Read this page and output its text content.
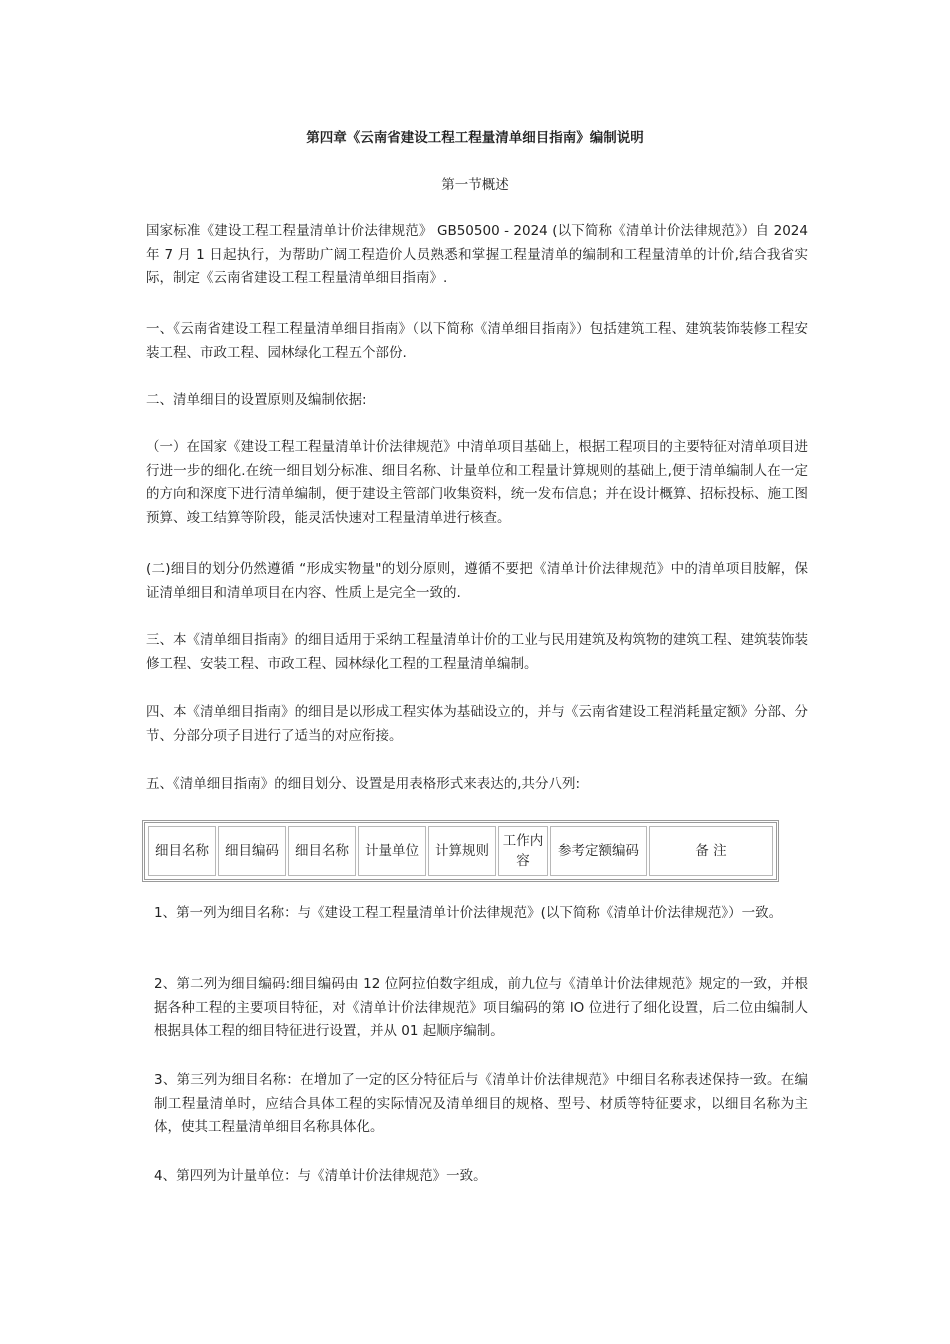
第四章《云南省建设工程工程量清单细目指南》编制说明
第一节概述

国家标准《建设工程工程量清单计价法律规范》 GB50500 - 2024 (以下简称《清单计价法律规范》）自 2024 年 7 月 1 日起执行，为帮助广阔工程造价人员熟悉和掌握工程量清单的编制和工程量清单的计价,结合我省实际，制定《云南省建设工程工程量清单细目指南》.

一、《云南省建设工程工程量清单细目指南》（以下简称《清单细目指南》）包括建筑工程、建筑装饰装修工程安装工程、市政工程、园林绿化工程五个部份.

二、清单细目的设置原则及编制依据:

（一）在国家《建设工程工程量清单计价法律规范》中清单项目基础上，根据工程项目的主要特征对清单项目进行进一步的细化.在统一细目划分标准、细目名称、计量单位和工程量计算规则的基础上,便于清单编制人在一定的方向和深度下进行清单编制，便于建设主管部门收集资料，统一发布信息；并在设计概算、招标投标、施工图预算、竣工结算等阶段，能灵活快速对工程量清单进行核查。

(二)细目的划分仍然遵循 “形成实物量"的划分原则，遵循不要把《清单计价法律规范》中的清单项目肢解，保证清单细目和清单项目在内容、性质上是完全一致的.

三、本《清单细目指南》的细目适用于采纳工程量清单计价的工业与民用建筑及构筑物的建筑工程、建筑装饰装修工程、安装工程、市政工程、园林绿化工程的工程量清单编制。

四、本《清单细目指南》的细目是以形成工程实体为基础设立的，并与《云南省建设工程消耗量定额》分部、分节、分部分项子目进行了适当的对应衔接。

五、《清单细目指南》的细目划分、设置是用表格形式来表达的,共分八列:

细目名称	细目编码	细目名称	计量单位	计算规则	工作内容	参考定额编码	备 注

1、第一列为细目名称：与《建设工程工程量清单计价法律规范》(以下简称《清单计价法律规范》）一致。

2、第二列为细目编码:细目编码由 12 位阿拉伯数字组成，前九位与《清单计价法律规范》规定的一致，并根据各种工程的主要项目特征，对《清单计价法律规范》项目编码的第 lO 位进行了细化设置，后二位由编制人根据具体工程的细目特征进行设置，并从 01 起顺序编制。

3、第三列为细目名称：在增加了一定的区分特征后与《清单计价法律规范》中细目名称表述保持一致。在编制工程量清单时，应结合具体工程的实际情况及清单细目的规格、型号、材质等特征要求，以细目名称为主体，使其工程量清单细目名称具体化。

4、第四列为计量单位：与《清单计价法律规范》一致。
